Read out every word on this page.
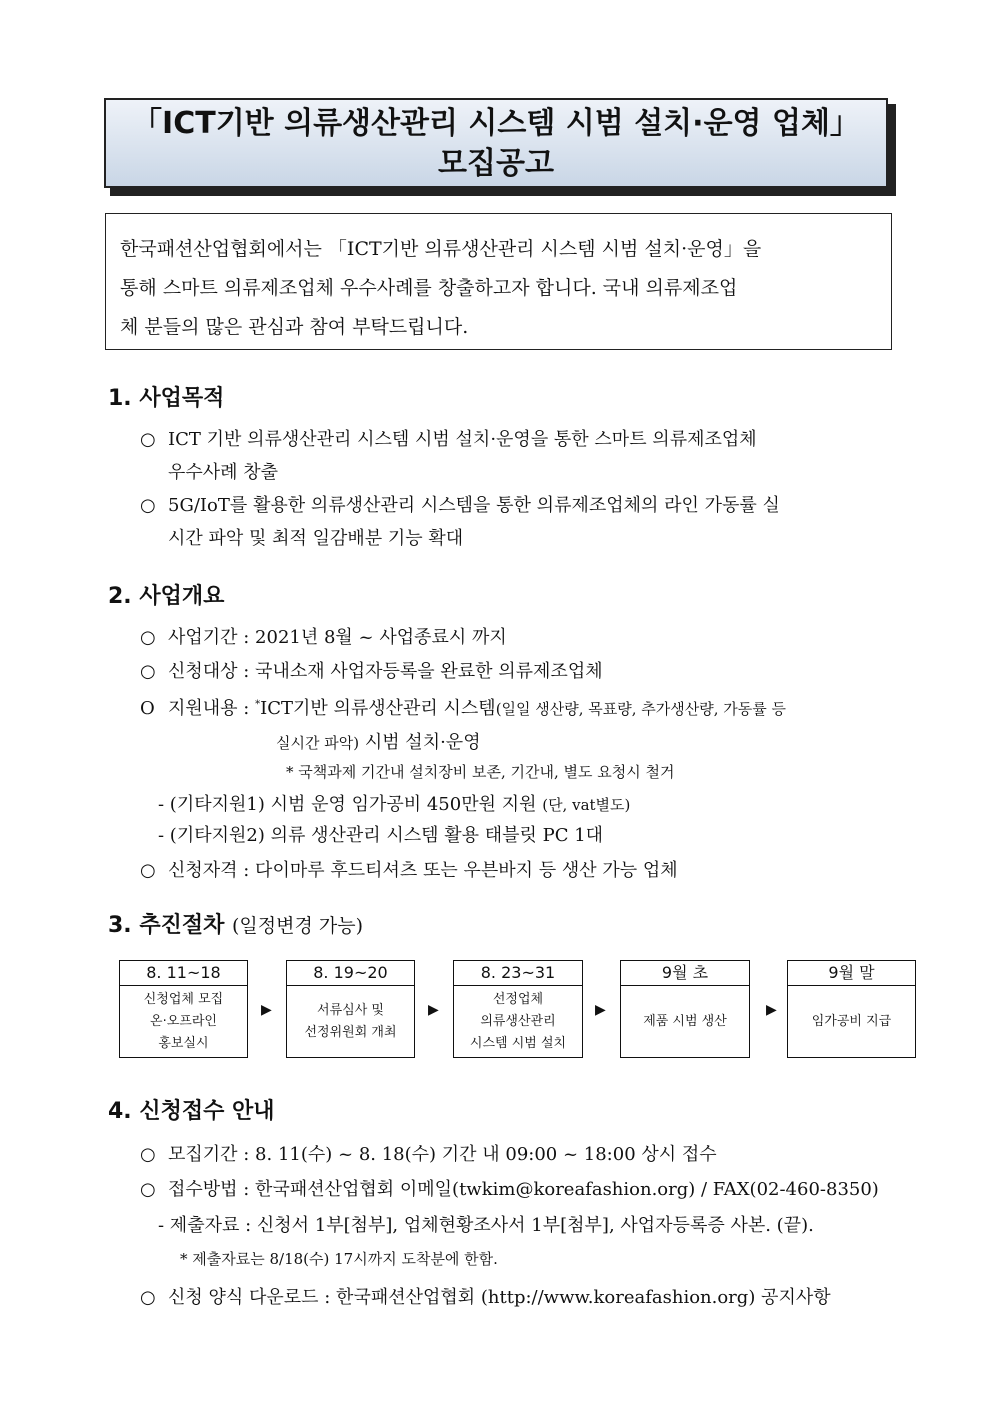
「ICT기반 의류생산관리 시스템 시범 설치·운영 업체」
모집공고
한국패션산업협회에서는 「ICT기반 의류생산관리 시스템 시범 설치·운영」을
통해 스마트 의류제조업체 우수사례를 창출하고자 합니다. 국내 의류제조업
체 분들의 많은 관심과 참여 부탁드립니다.
1. 사업목적
○ ICT 기반 의류생산관리 시스템 시범 설치·운영을 통한 스마트 의류제조업체
우수사례 창출
○ 5G/IoT를 활용한 의류생산관리 시스템을 통한 의류제조업체의 라인 가동률 실
시간 파악 및 최적 일감배분 기능 확대
2. 사업개요
○ 사업기간 : 2021년 8월 ~ 사업종료시 까지
○ 신청대상 : 국내소재 사업자등록을 완료한 의류제조업체
O 지원내용 : *ICT기반 의류생산관리 시스템(일일 생산량, 목표량, 추가생산량, 가동률 등
실시간 파악) 시범 설치·운영
* 국책과제 기간내 설치장비 보존, 기간내, 별도 요청시 철거
- (기타지원1) 시범 운영 임가공비 450만원 지원 (단, vat별도)
- (기타지원2) 의류 생산관리 시스템 활용 태블릿 PC 1대
○ 신청자격 : 다이마루 후드티셔츠 또는 우븐바지 등 생산 가능 업체
3. 추진절차 (일정변경 가능)
8. 11~18
신청업체 모집
온·오프라인
홍보실시
▶
8. 19~20
서류심사 및
선정위원회 개최
▶
8. 23~31
선정업체
의류생산관리
시스템 시범 설치
▶
9월 초
제품 시범 생산
▶
9월 말
임가공비 지급
4. 신청접수 안내
○ 모집기간 : 8. 11(수) ~ 8. 18(수) 기간 내 09:00 ~ 18:00 상시 접수
○ 접수방법 : 한국패션산업협회 이메일(twkim@koreafashion.org) / FAX(02-460-8350)
- 제출자료 : 신청서 1부[첨부], 업체현황조사서 1부[첨부], 사업자등록증 사본. (끝).
* 제출자료는 8/18(수) 17시까지 도착분에 한함.
○ 신청 양식 다운로드 : 한국패션산업협회 (http://www.koreafashion.org) 공지사항
